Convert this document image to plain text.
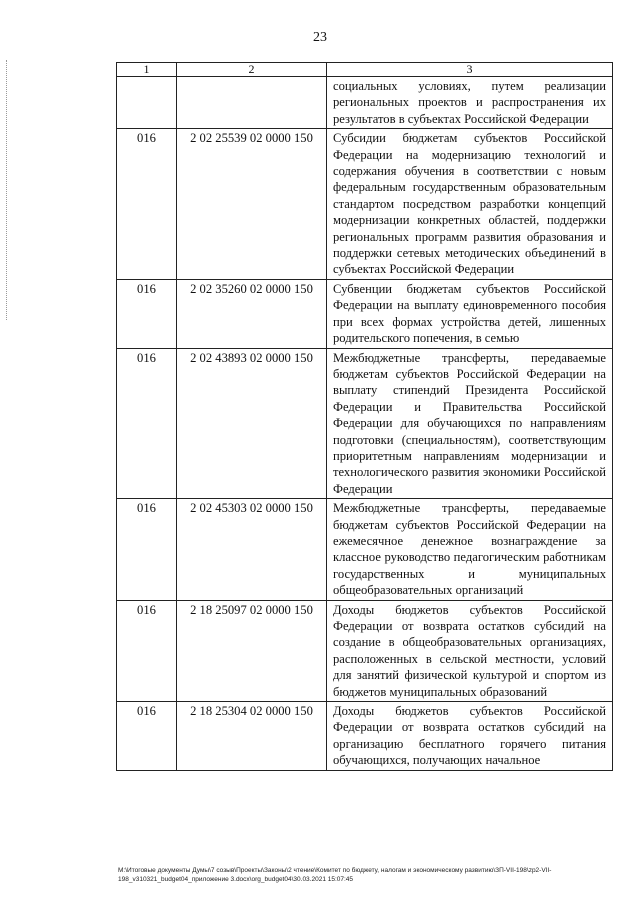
23
1	2	3
		социальных условиях, путем реализации региональных проектов и распространения их результатов в субъектах Российской Федерации
016	2 02 25539 02 0000 150	Субсидии бюджетам субъектов Российской Федерации на модернизацию технологий и содержания обучения в соответствии с новым федеральным государственным образовательным стандартом посредством разработки концепций модернизации конкретных областей, поддержки региональных программ развития образования и поддержки сетевых методических объединений в субъектах Российской Федерации
016	2 02 35260 02 0000 150	Субвенции бюджетам субъектов Российской Федерации на выплату единовременного пособия при всех формах устройства детей, лишенных родительского попечения, в семью
016	2 02 43893 02 0000 150	Межбюджетные трансферты, передаваемые бюджетам субъектов Российской Федерации на выплату стипендий Президента Российской Федерации и Правительства Российской Федерации для обучающихся по направлениям подготовки (специальностям), соответствующим приоритетным направлениям модернизации и технологического развития экономики Российской Федерации
016	2 02 45303 02 0000 150	Межбюджетные трансферты, передаваемые бюджетам субъектов Российской Федерации на ежемесячное денежное вознаграждение за классное руководство педагогическим работникам государственных и муниципальных общеобразовательных организаций
016	2 18 25097 02 0000 150	Доходы бюджетов субъектов Российской Федерации от возврата остатков субсидий на создание в общеобразовательных организациях, расположенных в сельской местности, условий для занятий физической культурой и спортом из бюджетов муниципальных образований
016	2 18 25304 02 0000 150	Доходы бюджетов субъектов Российской Федерации от возврата остатков субсидий на организацию бесплатного горячего питания обучающихся, получающих начальное
М:\Итоговые документы Думы\7 созыв\Проекты\Законы\2 чтение\Комитет по бюджету, налогам и экономическому развитию\ЗП-VII-198\zp2-VII-
198_v310321_budget04_приложение 3.docx\org_budget04\30.03.2021 15:07:45
